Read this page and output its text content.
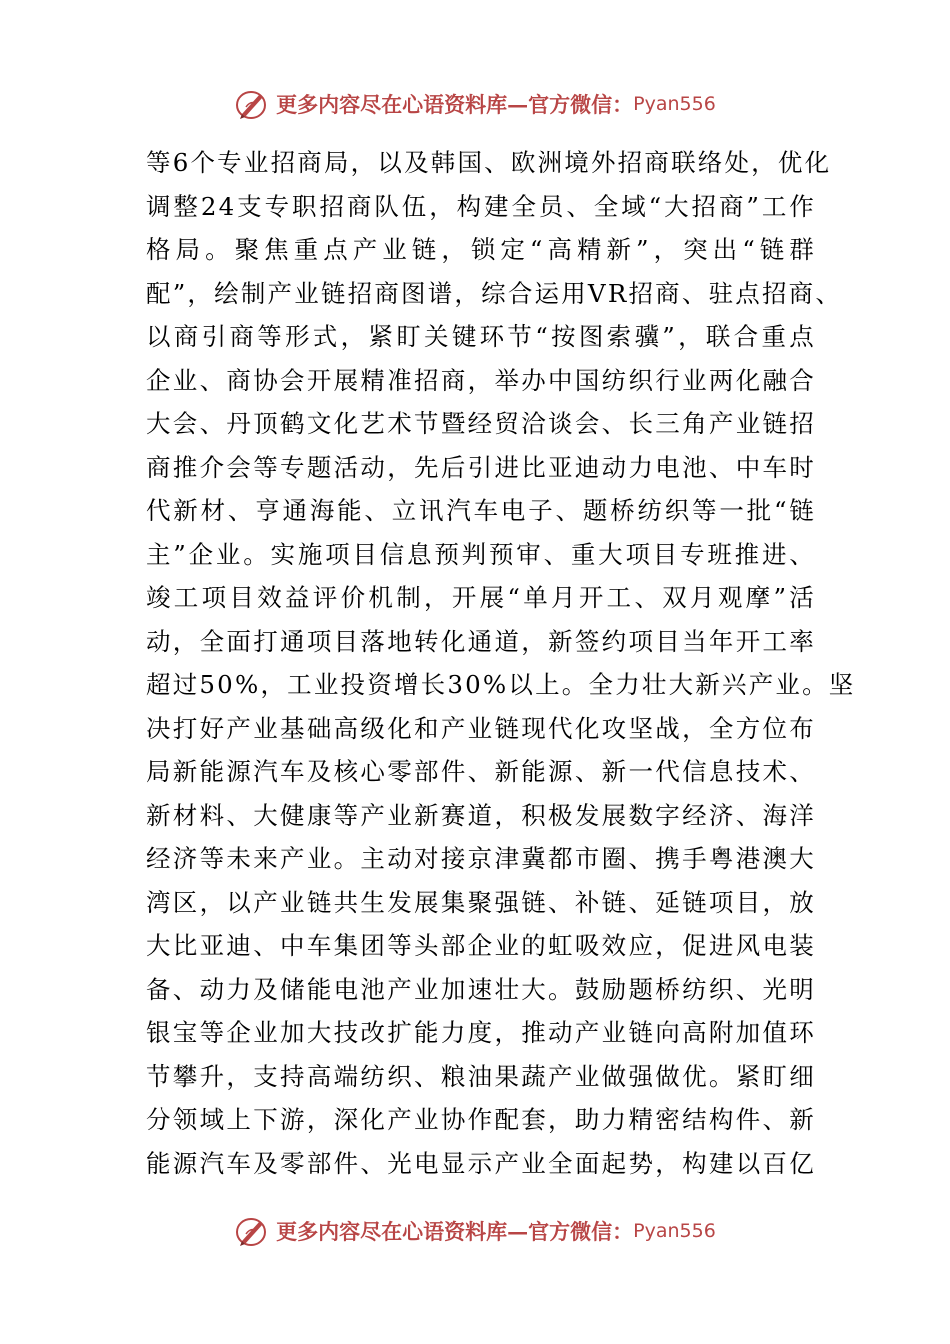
更多内容尽在心语资料库—官方微信： Pyan556
等6个专业招商局，以及韩国、欧洲境外招商联络处，优化
调整24支专职招商队伍，构建全员、全域“大招商”工作
格局。聚焦重点产业链，锁定“高精新”，突出“链群
配”，绘制产业链招商图谱，综合运用VR招商、驻点招商、
以商引商等形式，紧盯关键环节“按图索骥”，联合重点
企业、商协会开展精准招商，举办中国纺织行业两化融合
大会、丹顶鹤文化艺术节暨经贸洽谈会、长三角产业链招
商推介会等专题活动，先后引进比亚迪动力电池、中车时
代新材、亨通海能、立讯汽车电子、题桥纺织等一批“链
主”企业。实施项目信息预判预审、重大项目专班推进、
竣工项目效益评价机制，开展“单月开工、双月观摩”活
动，全面打通项目落地转化通道，新签约项目当年开工率
超过50%，工业投资增长30%以上。全力壮大新兴产业。坚
决打好产业基础高级化和产业链现代化攻坚战，全方位布
局新能源汽车及核心零部件、新能源、新一代信息技术、
新材料、大健康等产业新赛道，积极发展数字经济、海洋
经济等未来产业。主动对接京津冀都市圈、携手粤港澳大
湾区，以产业链共生发展集聚强链、补链、延链项目，放
大比亚迪、中车集团等头部企业的虹吸效应，促进风电装
备、动力及储能电池产业加速壮大。鼓励题桥纺织、光明
银宝等企业加大技改扩能力度，推动产业链向高附加值环
节攀升，支持高端纺织、粮油果蔬产业做强做优。紧盯细
分领域上下游，深化产业协作配套，助力精密结构件、新
能源汽车及零部件、光电显示产业全面起势，构建以百亿
更多内容尽在心语资料库—官方微信： Pyan556
